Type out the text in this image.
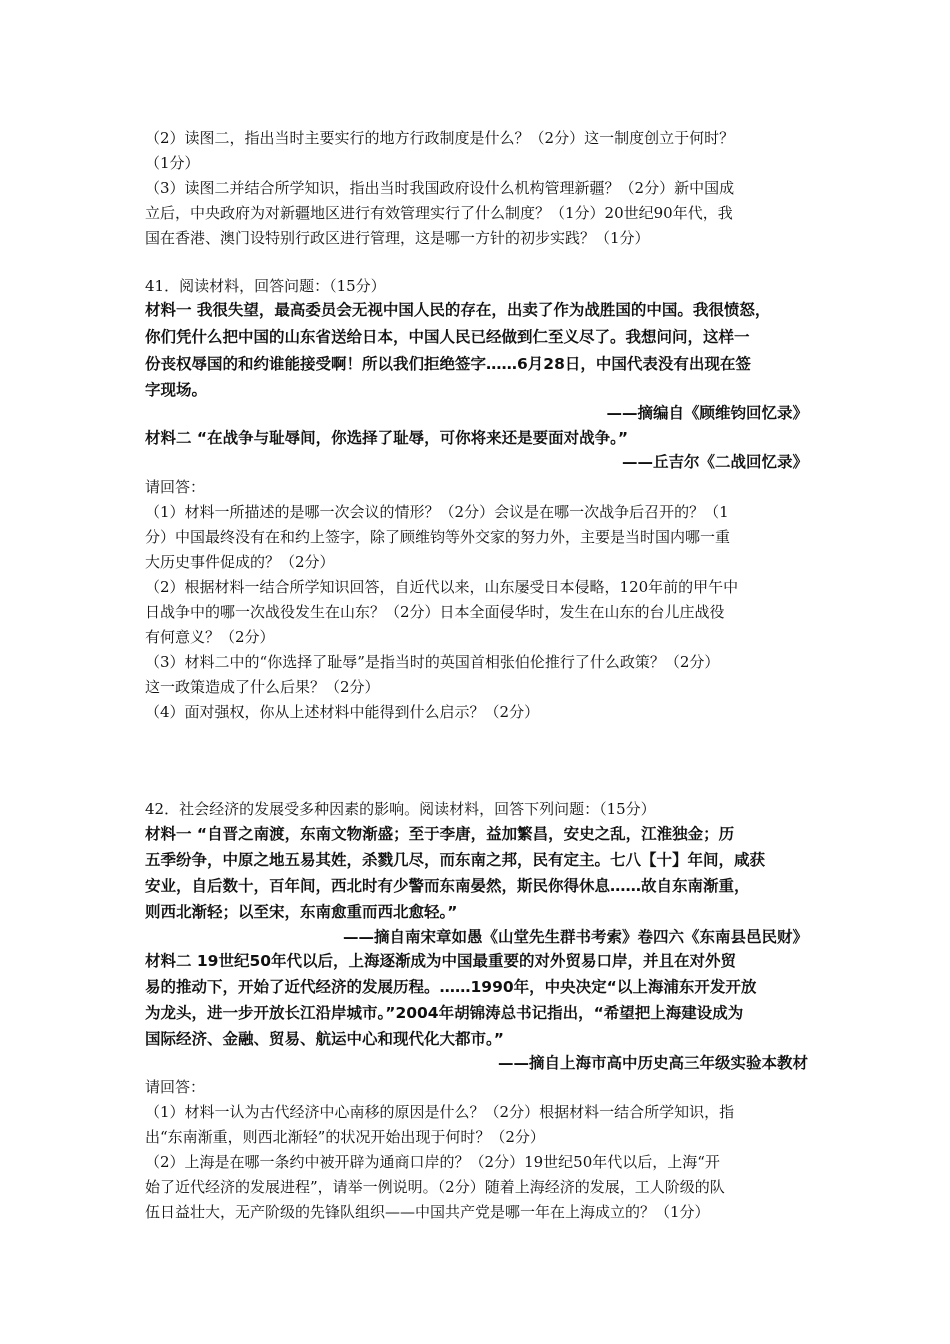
（2）读图二，指出当时主要实行的地方行政制度是什么？（2分）这一制度创立于何时？
（1分）
（3）读图二并结合所学知识，指出当时我国政府设什么机构管理新疆？（2分）新中国成
立后，中央政府为对新疆地区进行有效管理实行了什么制度？（1分）20世纪90年代，我
国在香港、澳门设特别行政区进行管理，这是哪一方针的初步实践？（1分）
41．阅读材料，回答问题：（15分）
材料一 我很失望，最高委员会无视中国人民的存在，出卖了作为战胜国的中国。我很愤怒，
你们凭什么把中国的山东省送给日本，中国人民已经做到仁至义尽了。我想问问，这样一
份丧权辱国的和约谁能接受啊！所以我们拒绝签字……6月28日，中国代表没有出现在签
字现场。
——摘编自《顾维钧回忆录》
材料二 “在战争与耻辱间，你选择了耻辱，可你将来还是要面对战争。”
——丘吉尔《二战回忆录》
请回答：
（1）材料一所描述的是哪一次会议的情形？（2分）会议是在哪一次战争后召开的？（1
分）中国最终没有在和约上签字，除了顾维钧等外交家的努力外，主要是当时国内哪一重
大历史事件促成的？（2分）
（2）根据材料一结合所学知识回答，自近代以来，山东屡受日本侵略，120年前的甲午中
日战争中的哪一次战役发生在山东？（2分）日本全面侵华时，发生在山东的台儿庄战役
有何意义？（2分）
（3）材料二中的“你选择了耻辱”是指当时的英国首相张伯伦推行了什么政策？（2分）
这一政策造成了什么后果？（2分）
（4）面对强权，你从上述材料中能得到什么启示？（2分）
42．社会经济的发展受多种因素的影响。阅读材料，回答下列问题：（15分）
材料一 “自晋之南渡，东南文物渐盛；至于李唐，益加繁昌，安史之乱，江淮独金；历
五季纷争，中原之地五易其姓，杀戮几尽，而东南之邦，民有定主。七八【十】年间，咸获
安业，自后数十，百年间，西北时有少警而东南晏然，斯民你得休息……故自东南渐重，
则西北渐轻；以至宋，东南愈重而西北愈轻。”
——摘自南宋章如愚《山堂先生群书考索》卷四六《东南县邑民财》
材料二 19世纪50年代以后，上海逐渐成为中国最重要的对外贸易口岸，并且在对外贸
易的推动下，开始了近代经济的发展历程。……1990年，中央决定“以上海浦东开发开放
为龙头，进一步开放长江沿岸城市。”2004年胡锦涛总书记指出，“希望把上海建设成为
国际经济、金融、贸易、航运中心和现代化大都市。”
——摘自上海市高中历史高三年级实验本教材
请回答：
（1）材料一认为古代经济中心南移的原因是什么？（2分）根据材料一结合所学知识，指
出“东南渐重，则西北渐轻”的状况开始出现于何时？（2分）
（2）上海是在哪一条约中被开辟为通商口岸的？（2分）19世纪50年代以后，上海“开
始了近代经济的发展进程”，请举一例说明。（2分）随着上海经济的发展，工人阶级的队
伍日益壮大，无产阶级的先锋队组织——中国共产党是哪一年在上海成立的？（1分）
